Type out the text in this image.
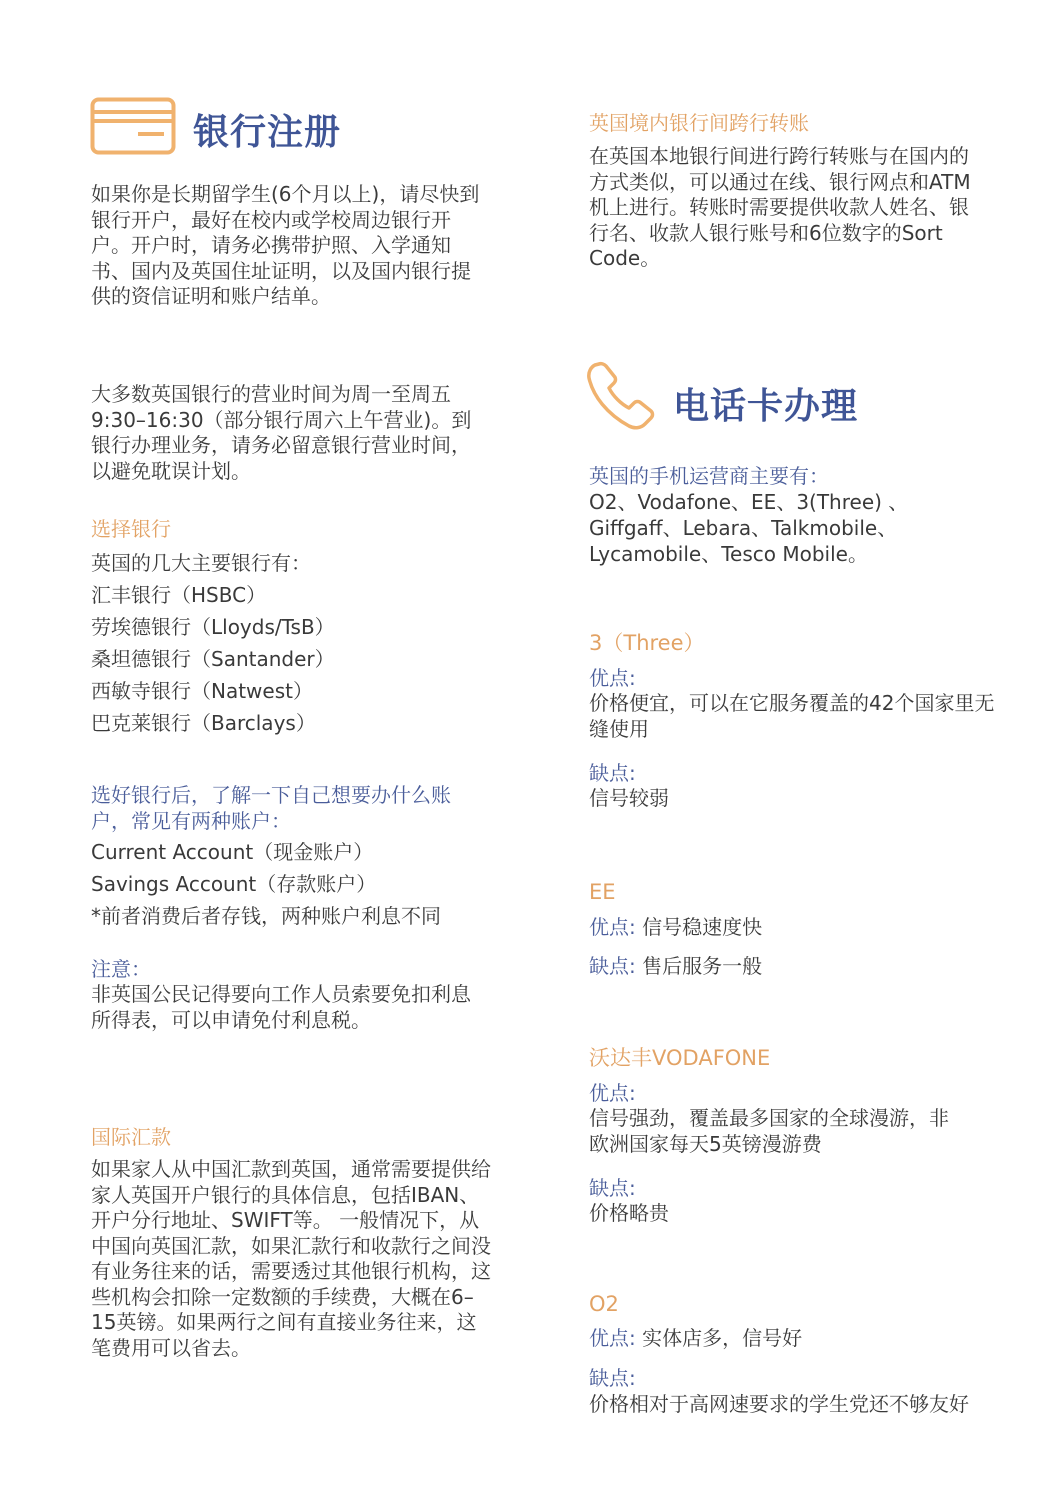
银行注册
如果你是长期留学生(6个月以上)，请尽快到银行开户，最好在校内或学校周边银行开户。开户时，请务必携带护照、入学通知书、国内及英国住址证明，以及国内银行提供的资信证明和账户结单。
大多数英国银行的营业时间为周一至周五9:30–16:30（部分银行周六上午营业)。到银行办理业务，请务必留意银行营业时间，以避免耽误计划。
选择银行
英国的几大主要银行有：
汇丰银行（HSBC）
劳埃德银行（Lloyds/TsB）
桑坦德银行（Santander）
西敏寺银行（Natwest）
巴克莱银行（Barclays）
选好银行后，了解一下自己想要办什么账户，常见有两种账户：
Current Account（现金账户）
Savings Account（存款账户）
*前者消费后者存钱，两种账户利息不同
注意：
非英国公民记得要向工作人员索要免扣利息所得表，可以申请免付利息税。
国际汇款
如果家人从中国汇款到英国，通常需要提供给家人英国开户银行的具体信息，包括IBAN、开户分行地址、SWIFT等。 一般情况下，从中国向英国汇款，如果汇款行和收款行之间没有业务往来的话，需要透过其他银行机构，这些机构会扣除一定数额的手续费，大概在6–15英镑。如果两行之间有直接业务往来，这笔费用可以省去。
英国境内银行间跨行转账
在英国本地银行间进行跨行转账与在国内的方式类似，可以通过在线、银行网点和ATM机上进行。转账时需要提供收款人姓名、银行名、收款人银行账号和6位数字的Sort Code。
电话卡办理
英国的手机运营商主要有：
O2、Vodafone、EE、3(Three) 、
Giffgaff、Lebara、Talkmobile、
Lycamobile、Tesco Mobile。
3（Three）
优点:
价格便宜，可以在它服务覆盖的42个国家里无缝使用
缺点:
信号较弱
EE
优点: 信号稳速度快
缺点: 售后服务一般
沃达丰VODAFONE
优点:
信号强劲，覆盖最多国家的全球漫游，非欧洲国家每天5英镑漫游费
缺点:
价格略贵
O2
优点: 实体店多，信号好
缺点:
价格相对于高网速要求的学生党还不够友好
